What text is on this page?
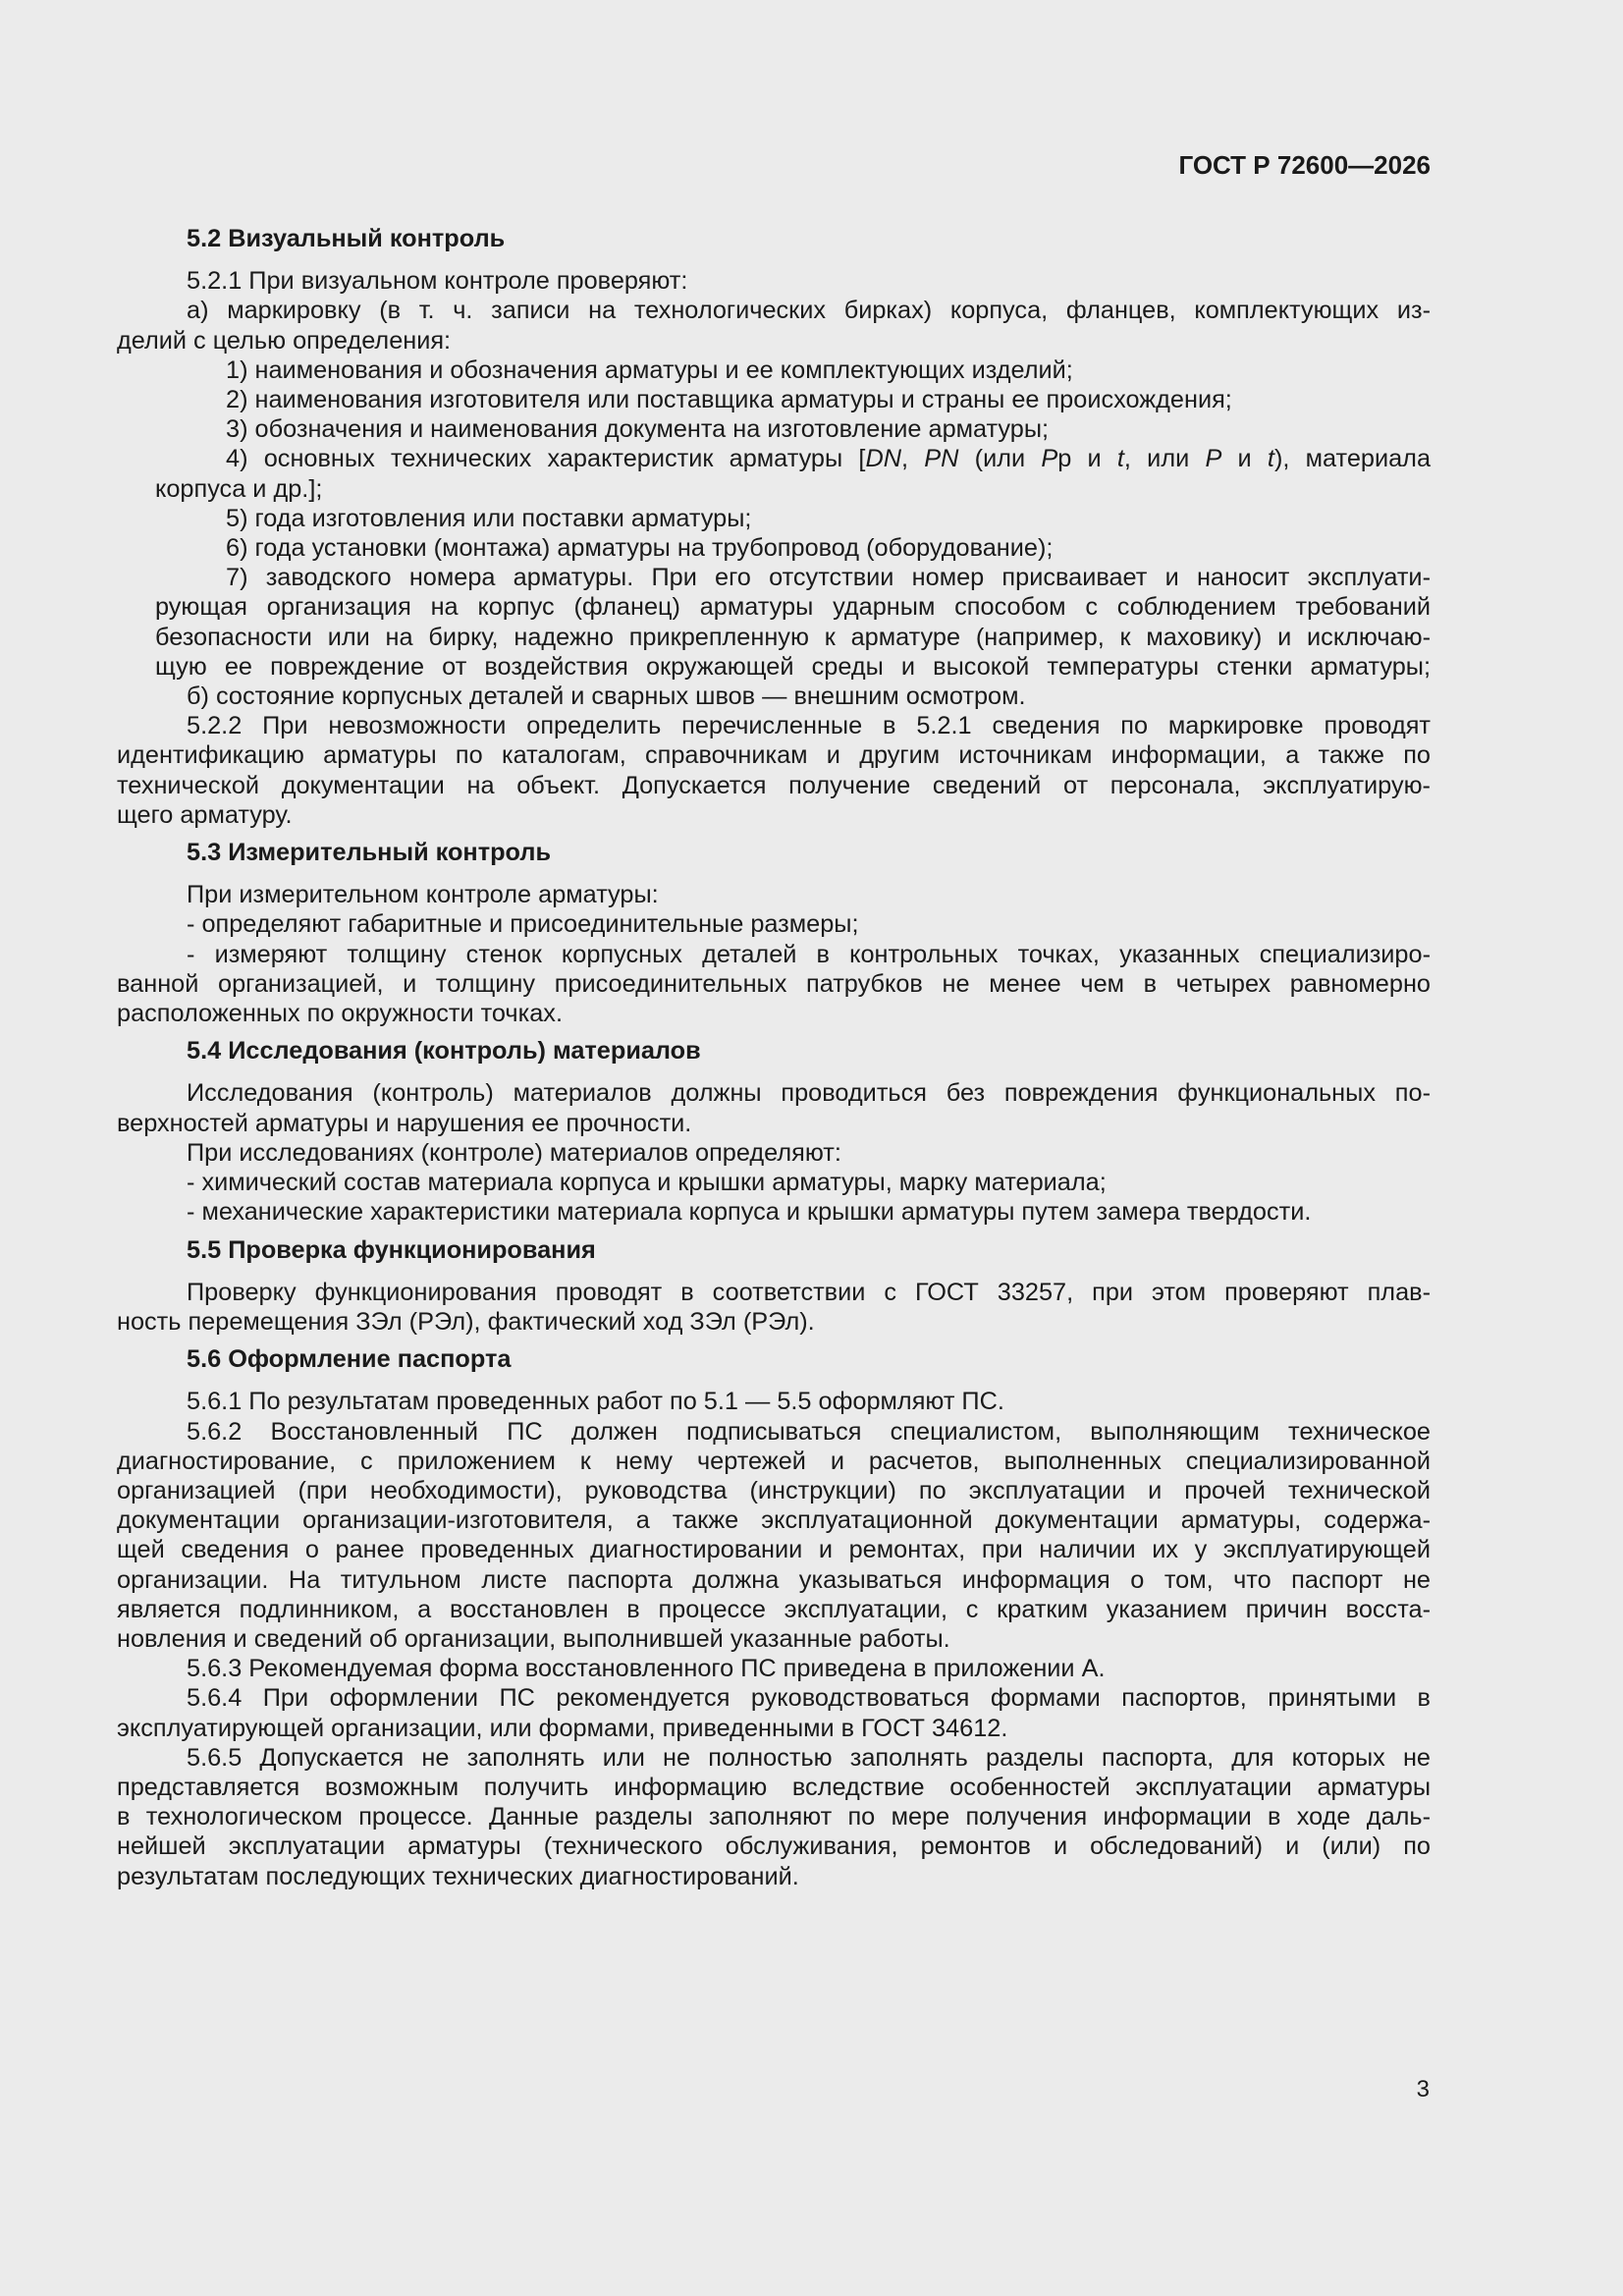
ГОСТ Р 72600—2026

5.2 Визуальный контроль

5.2.1 При визуальном контроле проверяют:

а) маркировку (в т. ч. записи на технологических бирках) корпуса, фланцев, комплектующих из-

делий с целью определения:

1) наименования и обозначения арматуры и ее комплектующих изделий;

2) наименования изготовителя или поставщика арматуры и страны ее происхождения;

3) обозначения и наименования документа на изготовление арматуры;

4) основных технических характеристик арматуры [DN, PN (или Pр и t, или P и t), материала

корпуса и др.];

5) года изготовления или поставки арматуры;

6) года установки (монтажа) арматуры на трубопровод (оборудование);

7) заводского номера арматуры. При его отсутствии номер присваивает и наносит эксплуати-

рующая организация на корпус (фланец) арматуры ударным способом с соблюдением требований

безопасности или на бирку, надежно прикрепленную к арматуре (например, к маховику) и исключаю-

щую ее повреждение от воздействия окружающей среды и высокой температуры стенки арматуры;

б) состояние корпусных деталей и сварных швов — внешним осмотром.

5.2.2 При невозможности определить перечисленные в 5.2.1 сведения по маркировке проводят

идентификацию арматуры по каталогам, справочникам и другим источникам информации, а также по

технической документации на объект. Допускается получение сведений от персонала, эксплуатирую-

щего арматуру.

5.3 Измерительный контроль

При измерительном контроле арматуры:

- определяют габаритные и присоединительные размеры;

- измеряют толщину стенок корпусных деталей в контрольных точках, указанных специализиро-

ванной организацией, и толщину присоединительных патрубков не менее чем в четырех равномерно

расположенных по окружности точках.

5.4 Исследования (контроль) материалов

Исследования (контроль) материалов должны проводиться без повреждения функциональных по-

верхностей арматуры и нарушения ее прочности.

При исследованиях (контроле) материалов определяют:

- химический состав материала корпуса и крышки арматуры, марку материала;

- механические характеристики материала корпуса и крышки арматуры путем замера твердости.

5.5 Проверка функционирования

Проверку функционирования проводят в соответствии с ГОСТ 33257, при этом проверяют плав-

ность перемещения ЗЭл (РЭл), фактический ход ЗЭл (РЭл).

5.6 Оформление паспорта

5.6.1 По результатам проведенных работ по 5.1 — 5.5 оформляют ПС.

5.6.2 Восстановленный ПС должен подписываться специалистом, выполняющим техническое

диагностирование, с приложением к нему чертежей и расчетов, выполненных специализированной

организацией (при необходимости), руководства (инструкции) по эксплуатации и прочей технической

документации организации-изготовителя, а также эксплуатационной документации арматуры, содержа-

щей сведения о ранее проведенных диагностировании и ремонтах, при наличии их у эксплуатирующей

организации. На титульном листе паспорта должна указываться информация о том, что паспорт не

является подлинником, а восстановлен в процессе эксплуатации, с кратким указанием причин восста-

новления и сведений об организации, выполнившей указанные работы.

5.6.3 Рекомендуемая форма восстановленного ПС приведена в приложении А.

5.6.4 При оформлении ПС рекомендуется руководствоваться формами паспортов, принятыми в

эксплуатирующей организации, или формами, приведенными в ГОСТ 34612.

5.6.5 Допускается не заполнять или не полностью заполнять разделы паспорта, для которых не

представляется возможным получить информацию вследствие особенностей эксплуатации арматуры

в технологическом процессе. Данные разделы заполняют по мере получения информации в ходе даль-

нейшей эксплуатации арматуры (технического обслуживания, ремонтов и обследований) и (или) по

результатам последующих технических диагностирований.

3
